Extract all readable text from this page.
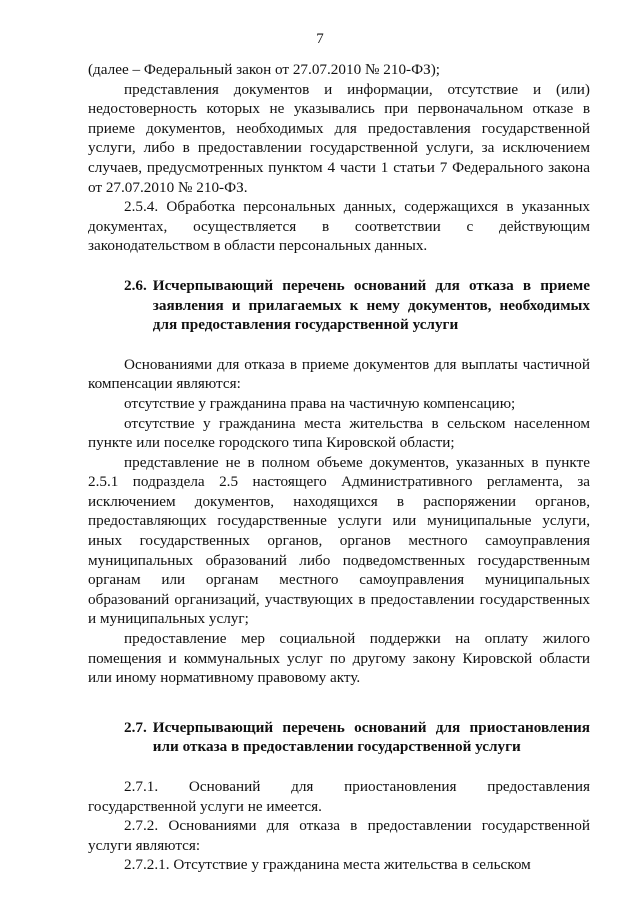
7

(далее – Федеральный закон от 27.07.2010 № 210-ФЗ);

представления документов и информации, отсутствие и (или) недостоверность которых не указывались при первоначальном отказе в приеме документов, необходимых для предоставления государственной услуги, либо в предоставлении государственной услуги, за исключением случаев, предусмотренных пунктом 4 части 1 статьи 7 Федерального закона от 27.07.2010 № 210-ФЗ.

2.5.4. Обработка персональных данных, содержащихся в указанных документах, осуществляется в соответствии с действующим законодательством в области персональных данных.

2.6. Исчерпывающий перечень оснований для отказа в приеме заявления и прилагаемых к нему документов, необходимых для предоставления государственной услуги

Основаниями для отказа в приеме документов для выплаты частичной компенсации являются:

отсутствие у гражданина права на частичную компенсацию;

отсутствие у гражданина места жительства в сельском населенном пункте или поселке городского типа Кировской области;

представление не в полном объеме документов, указанных в пункте 2.5.1 подраздела 2.5 настоящего Административного регламента, за исключением документов, находящихся в распоряжении органов, предоставляющих государственные услуги или муниципальные услуги, иных государственных органов, органов местного самоуправления муниципальных образований либо подведомственных государственным органам или органам местного самоуправления муниципальных образований организаций, участвующих в предоставлении государственных и муниципальных услуг;

предоставление мер социальной поддержки на оплату жилого помещения и коммунальных услуг по другому закону Кировской области или иному нормативному правовому акту.

2.7. Исчерпывающий перечень оснований для приостановления или отказа в предоставлении государственной услуги

2.7.1. Оснований для приостановления предоставления государственной услуги не имеется.

2.7.2. Основаниями для отказа в предоставлении государственной услуги являются:

2.7.2.1. Отсутствие у гражданина места жительства в сельском
